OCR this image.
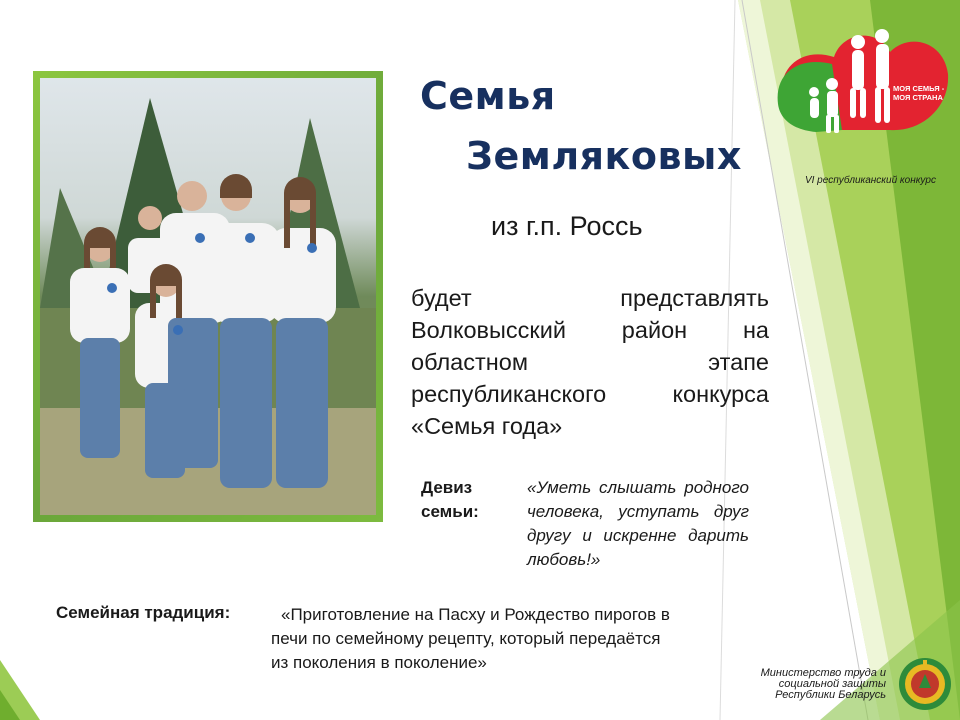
Семья
Земляковых
из г.п. Россь
будет представлять Волковысский район на областном этапе республиканского конкурса «Семья года»
Девиз семьи:
«Уметь слышать родного человека, уступать друг другу и искренне дарить любовь!»
Семейная традиция:	«Приготовление на Пасху и Рождество пирогов в печи по семейному рецепту, который передаётся из поколения в поколение»
МОЯ СЕМЬЯ - МОЯ СТРАНА
VI республиканский конкурс
Министерство труда и социальной защиты Республики Беларусь
